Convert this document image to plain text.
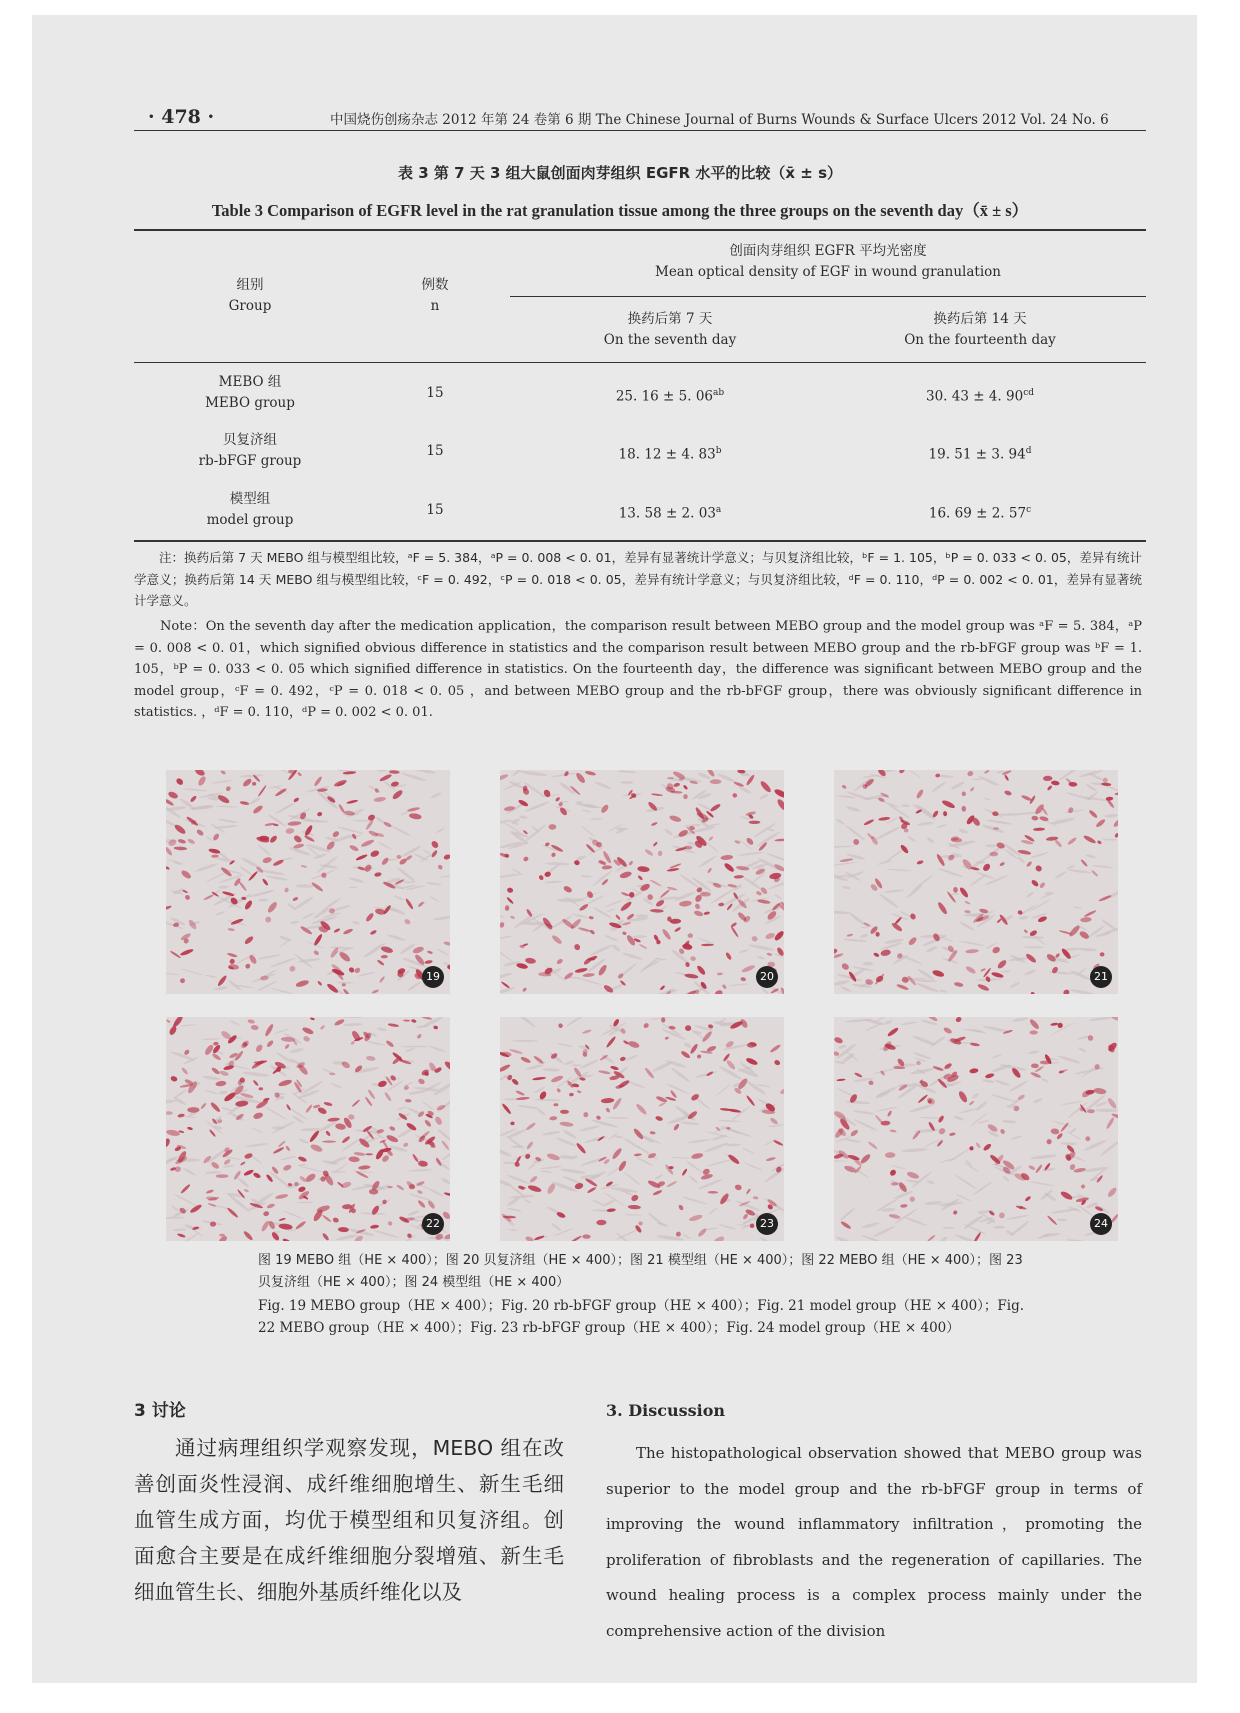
· 478 ·	中国烧伤创疡杂志 2012 年第 24 卷第 6 期 The Chinese Journal of Burns Wounds & Surface Ulcers 2012 Vol. 24 No. 6
表 3 第 7 天 3 组大鼠创面肉芽组织 EGFR 水平的比较（x̄ ± s）
Table 3 Comparison of EGFR level in the rat granulation tissue among the three groups on the seventh day（x̄ ± s）
组别
Group
例数
n
创面肉芽组织 EGFR 平均光密度
Mean optical density of EGF in wound granulation
换药后第 7 天
On the seventh day
换药后第 14 天
On the fourteenth day
MEBO 组
MEBO group
15	25. 16 ± 5. $06^{ab}$	30. 43 ± 4. $90^{cd}$
贝复济组
rb-bFGF group
15	18. 12 ± 4. 83$^b$	19. 51 ± 3. 94$^d$
模型组
model group
15	13. 58 ± 2. 03$^a$	16. 69 ± 2. 57$^c$

注：换药后第 7 天 MEBO 组与模型组比较，ᵃF = 5. 384，ᵃP = 0. 008 < 0. 01，差异有显著统计学意义；与贝复济组比较，ᵇF = 1. 105，ᵇP = 0. 033 < 0. 05，差异有统计学意义；换药后第 14 天 MEBO 组与模型组比较，ᶜF = 0. 492，ᶜP = 0. 018 < 0. 05，差异有统计学意义；与贝复济组比较，ᵈF = 0. 110，ᵈP = 0. 002 < 0. 01，差异有显著统计学意义。

Note：On the seventh day after the medication application，the comparison result between MEBO group and the model group was ᵃF = 5. 384，ᵃP = 0. 008 < 0. 01，which signified obvious difference in statistics and the comparison result between MEBO group and the rb-bFGF group was ᵇF = 1. 105，ᵇP = 0. 033 < 0. 05 which signified difference in statistics. On the fourteenth day，the difference was significant between MEBO group and the model group，ᶜF = 0. 492，ᶜP = 0. 018 < 0. 05 ，and between MEBO group and the rb-bFGF group，there was obviously significant difference in statistics. ，ᵈF = 0. 110，ᵈP = 0. 002 < 0. 01.

19	20	21
22	23	24

图 19 MEBO 组（HE × 400）；图 20 贝复济组（HE × 400）；图 21 模型组（HE × 400）；图 22 MEBO 组（HE × 400）；图 23 贝复济组（HE × 400）；图 24 模型组（HE × 400）

Fig. 19 MEBO group（HE × 400）；Fig. 20 rb-bFGF group（HE × 400）；Fig. 21 model group（HE × 400）；Fig. 22 MEBO group（HE × 400）；Fig. 23 rb-bFGF group（HE × 400）；Fig. 24 model group（HE × 400）

3 讨论

通过病理组织学观察发现，MEBO 组在改善创面炎性浸润、成纤维细胞增生、新生毛细血管生成方面，均优于模型组和贝复济组。创面愈合主要是在成纤维细胞分裂增殖、新生毛细血管生长、细胞外基质纤维化以及

3. Discussion

The histopathological observation showed that MEBO group was superior to the model group and the rb-bFGF group in terms of improving the wound inflammatory infiltration，promoting the proliferation of fibroblasts and the regeneration of capillaries. The wound healing process is a complex process mainly under the comprehensive action of the division
